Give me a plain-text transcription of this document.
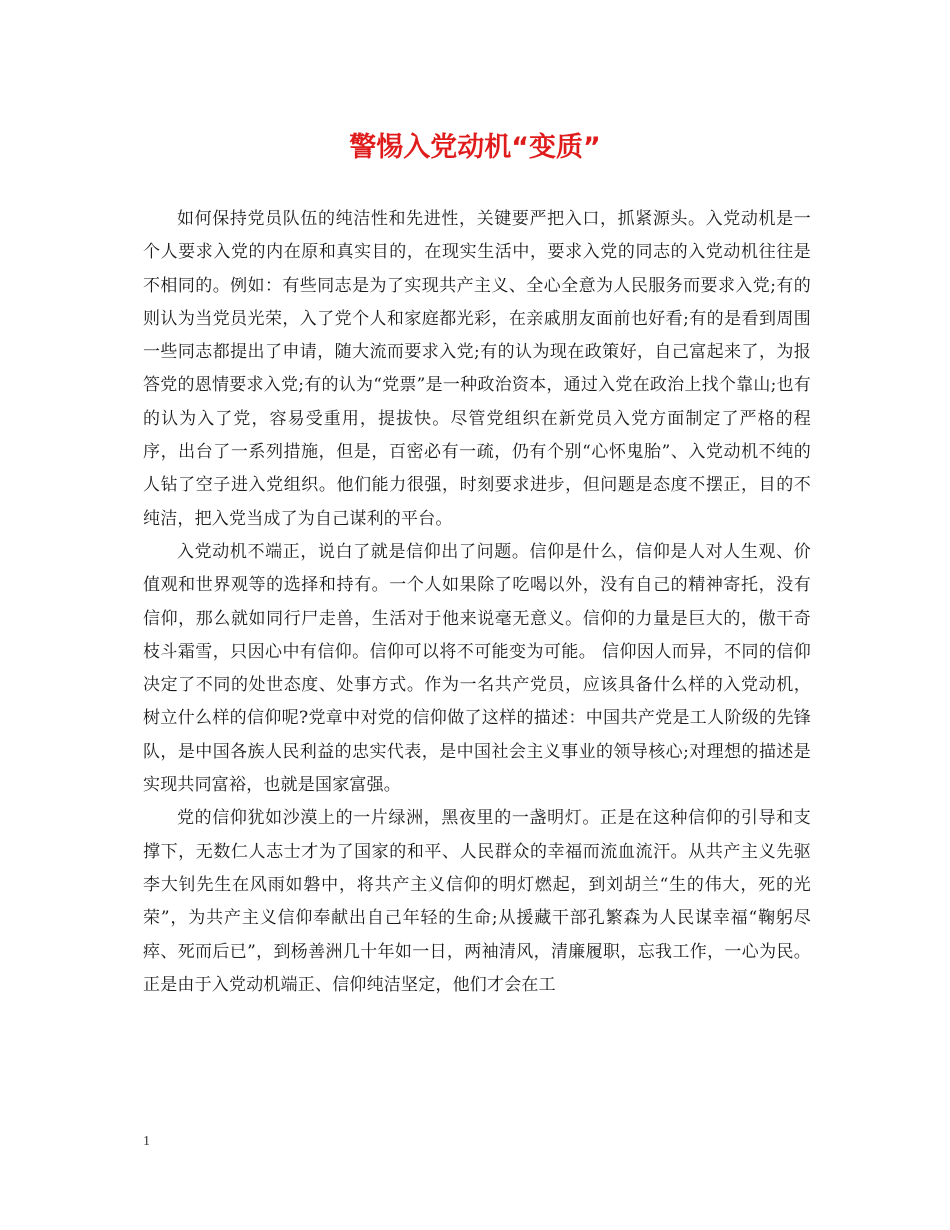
警惕入党动机“变质”

如何保持党员队伍的纯洁性和先进性，关键要严把入口，抓紧源头。入党动机是一个人要求入党的内在原和真实目的，在现实生活中，要求入党的同志的入党动机往往是不相同的。例如：有些同志是为了实现共产主义、全心全意为人民服务而要求入党;有的则认为当党员光荣，入了党个人和家庭都光彩，在亲戚朋友面前也好看;有的是看到周围一些同志都提出了申请，随大流而要求入党;有的认为现在政策好，自己富起来了，为报答党的恩情要求入党;有的认为“党票”是一种政治资本，通过入党在政治上找个靠山;也有的认为入了党，容易受重用，提拔快。尽管党组织在新党员入党方面制定了严格的程序，出台了一系列措施，但是，百密必有一疏，仍有个别“心怀鬼胎”、入党动机不纯的人钻了空子进入党组织。他们能力很强，时刻要求进步，但问题是态度不摆正，目的不纯洁，把入党当成了为自己谋利的平台。

入党动机不端正，说白了就是信仰出了问题。信仰是什么，信仰是人对人生观、价值观和世界观等的选择和持有。一个人如果除了吃喝以外，没有自己的精神寄托，没有信仰，那么就如同行尸走兽，生活对于他来说毫无意义。信仰的力量是巨大的，傲干奇枝斗霜雪，只因心中有信仰。信仰可以将不可能变为可能。 信仰因人而异，不同的信仰决定了不同的处世态度、处事方式。作为一名共产党员，应该具备什么样的入党动机，树立什么样的信仰呢?党章中对党的信仰做了这样的描述：中国共产党是工人阶级的先锋队，是中国各族人民利益的忠实代表，是中国社会主义事业的领导核心;对理想的描述是实现共同富裕，也就是国家富强。

党的信仰犹如沙漠上的一片绿洲，黑夜里的一盏明灯。正是在这种信仰的引导和支撑下，无数仁人志士才为了国家的和平、人民群众的幸福而流血流汗。从共产主义先驱李大钊先生在风雨如磐中，将共产主义信仰的明灯燃起，到刘胡兰“生的伟大，死的光荣”，为共产主义信仰奉献出自己年轻的生命;从援藏干部孔繁森为人民谋幸福“鞠躬尽瘁、死而后已”，到杨善洲几十年如一日，两袖清风，清廉履职，忘我工作，一心为民。正是由于入党动机端正、信仰纯洁坚定，他们才会在工

1
